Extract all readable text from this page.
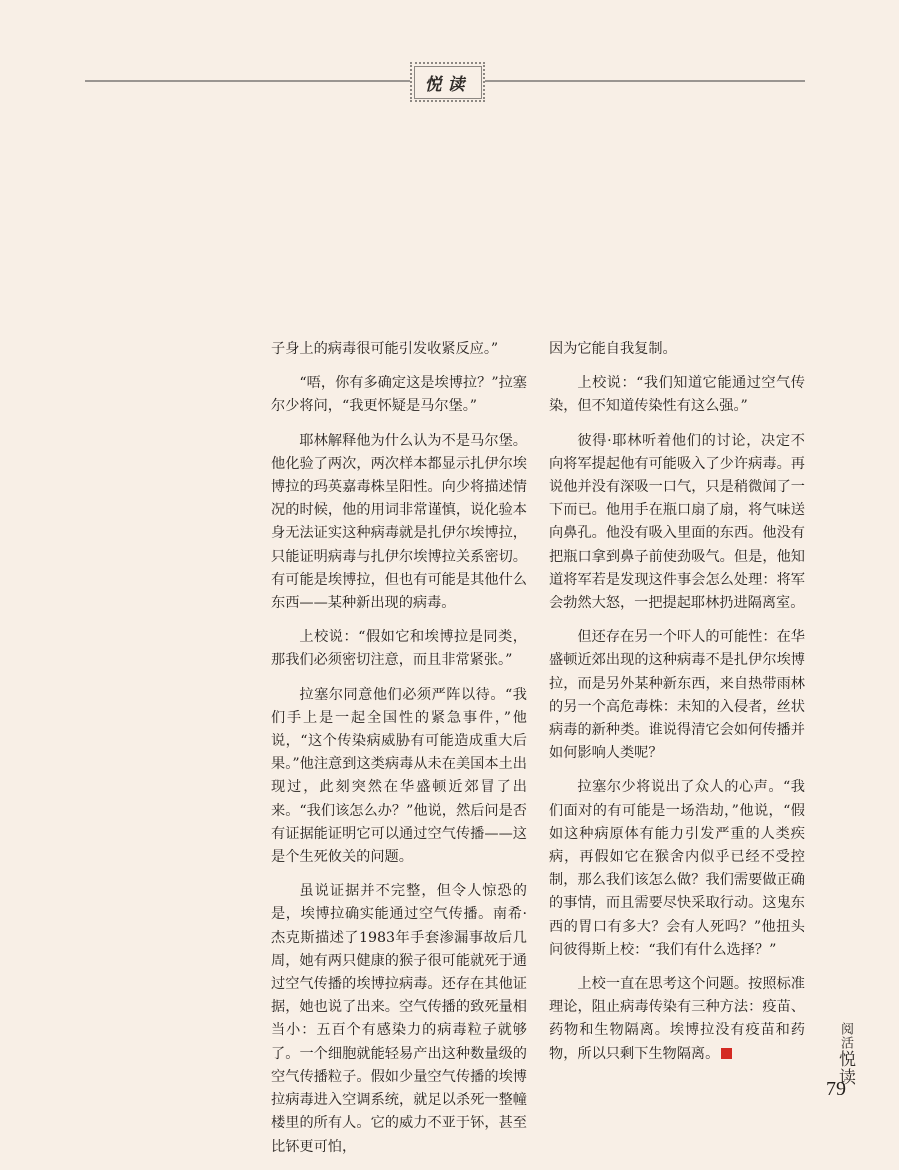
悦读

子身上的病毒很可能引发收紧反应。”

“唔，你有多确定这是埃博拉？”拉塞尔少将问，“我更怀疑是马尔堡。”

耶林解释他为什么认为不是马尔堡。他化验了两次，两次样本都显示扎伊尔埃博拉的玛英嘉毒株呈阳性。向少将描述情况的时候，他的用词非常谨慎，说化验本身无法证实这种病毒就是扎伊尔埃博拉，只能证明病毒与扎伊尔埃博拉关系密切。有可能是埃博拉，但也有可能是其他什么东西——某种新出现的病毒。

上校说：“假如它和埃博拉是同类，那我们必须密切注意，而且非常紧张。”

拉塞尔同意他们必须严阵以待。“我们手上是一起全国性的紧急事件，”他说，“这个传染病威胁有可能造成重大后果。”他注意到这类病毒从未在美国本土出现过，此刻突然在华盛顿近郊冒了出来。“我们该怎么办？”他说，然后问是否有证据能证明它可以通过空气传播——这是个生死攸关的问题。

虽说证据并不完整，但令人惊恐的是，埃博拉确实能通过空气传播。南希·杰克斯描述了1983年手套渗漏事故后几周，她有两只健康的猴子很可能就死于通过空气传播的埃博拉病毒。还存在其他证据，她也说了出来。空气传播的致死量相当小：五百个有感染力的病毒粒子就够了。一个细胞就能轻易产出这种数量级的空气传播粒子。假如少量空气传播的埃博拉病毒进入空调系统，就足以杀死一整幢楼里的所有人。它的威力不亚于钚，甚至比钚更可怕，

因为它能自我复制。

上校说：“我们知道它能通过空气传染，但不知道传染性有这么强。”

彼得·耶林听着他们的讨论，决定不向将军提起他有可能吸入了少许病毒。再说他并没有深吸一口气，只是稍微闻了一下而已。他用手在瓶口扇了扇，将气味送向鼻孔。他没有吸入里面的东西。他没有把瓶口拿到鼻子前使劲吸气。但是，他知道将军若是发现这件事会怎么处理：将军会勃然大怒，一把提起耶林扔进隔离室。

但还存在另一个吓人的可能性：在华盛顿近郊出现的这种病毒不是扎伊尔埃博拉，而是另外某种新东西，来自热带雨林的另一个高危毒株：未知的入侵者，丝状病毒的新种类。谁说得清它会如何传播并如何影响人类呢？

拉塞尔少将说出了众人的心声。“我们面对的有可能是一场浩劫，”他说，“假如这种病原体有能力引发严重的人类疾病，再假如它在猴舍内似乎已经不受控制，那么我们该怎么做？我们需要做正确的事情，而且需要尽快采取行动。这鬼东西的胃口有多大？会有人死吗？”他扭头问彼得斯上校：“我们有什么选择？”

上校一直在思考这个问题。按照标准理论，阻止病毒传染有三种方法：疫苗、药物和生物隔离。埃博拉没有疫苗和药物，所以只剩下生物隔离。

阅活悦读
79
